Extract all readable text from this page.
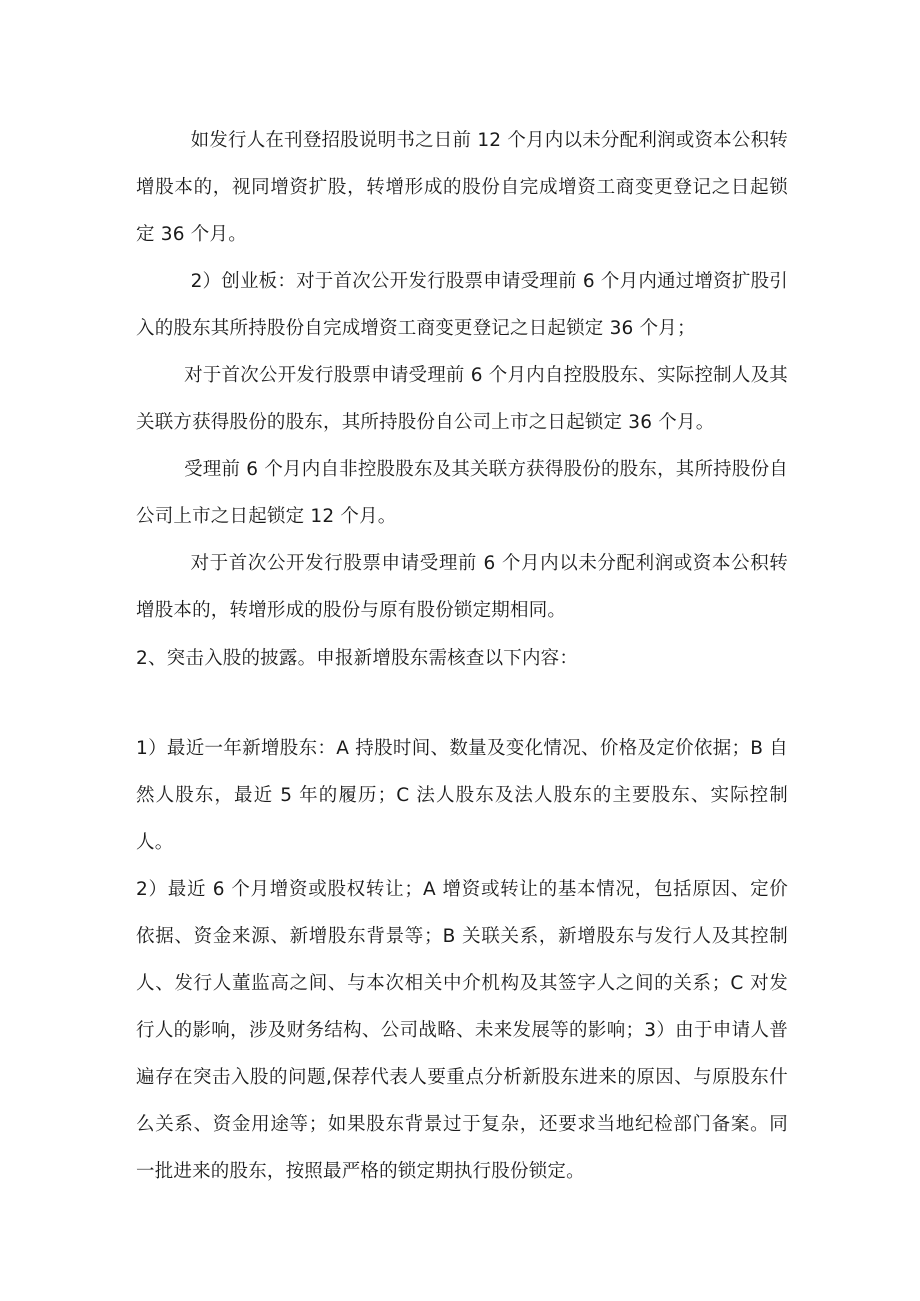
如发行人在刊登招股说明书之日前 12 个月内以未分配利润或资本公积转增股本的，视同增资扩股，转增形成的股份自完成增资工商变更登记之日起锁定 36 个月。

2）创业板：对于首次公开发行股票申请受理前 6 个月内通过增资扩股引入的股东其所持股份自完成增资工商变更登记之日起锁定 36 个月；

对于首次公开发行股票申请受理前 6 个月内自控股股东、实际控制人及其关联方获得股份的股东，其所持股份自公司上市之日起锁定 36 个月。

受理前 6 个月内自非控股股东及其关联方获得股份的股东，其所持股份自公司上市之日起锁定 12 个月。

对于首次公开发行股票申请受理前 6 个月内以未分配利润或资本公积转增股本的，转增形成的股份与原有股份锁定期相同。

2、突击入股的披露。申报新增股东需核查以下内容：

1）最近一年新增股东：A 持股时间、数量及变化情况、价格及定价依据；B 自然人股东，最近 5 年的履历；C 法人股东及法人股东的主要股东、实际控制人。

2）最近 6 个月增资或股权转让；A 增资或转让的基本情况，包括原因、定价依据、资金来源、新增股东背景等；B 关联关系，新增股东与发行人及其控制人、发行人董监高之间、与本次相关中介机构及其签字人之间的关系；C 对发行人的影响，涉及财务结构、公司战略、未来发展等的影响；3）由于申请人普遍存在突击入股的问题,保荐代表人要重点分析新股东进来的原因、与原股东什么关系、资金用途等；如果股东背景过于复杂，还要求当地纪检部门备案。同一批进来的股东，按照最严格的锁定期执行股份锁定。
